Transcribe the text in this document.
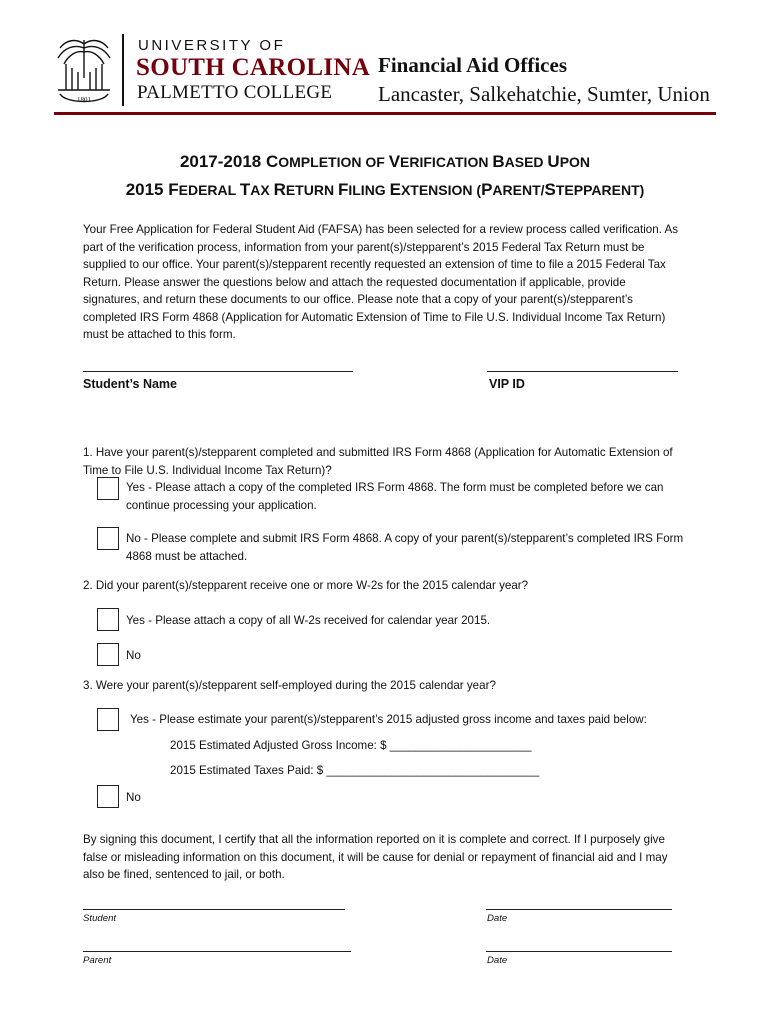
1801
UNIVERSITY OF
SOUTH CAROLINA
PALMETTO COLLEGE
Financial Aid Offices
Lancaster, Salkehatchie, Sumter, Union
2017-2018 COMPLETION OF VERIFICATION BASED UPON
2015 FEDERAL TAX RETURN FILING EXTENSION (PARENT/STEPPARENT)
Your Free Application for Federal Student Aid (FAFSA) has been selected for a review process called verification. As
part of the verification process, information from your parent(s)/stepparent’s 2015 Federal Tax Return must be
supplied to our office. Your parent(s)/stepparent recently requested an extension of time to file a 2015 Federal Tax
Return. Please answer the questions below and attach the requested documentation if applicable, provide
signatures, and return these documents to our office. Please note that a copy of your parent(s)/stepparent’s
completed IRS Form 4868 (Application for Automatic Extension of Time to File U.S. Individual Income Tax Return)
must be attached to this form.
Student’s Name	VIP ID
1. Have your parent(s)/stepparent completed and submitted IRS Form 4868 (Application for Automatic Extension of
Time to File U.S. Individual Income Tax Return)?
Yes - Please attach a copy of the completed IRS Form 4868. The form must be completed before we can
continue processing your application.
No - Please complete and submit IRS Form 4868. A copy of your parent(s)/stepparent’s completed IRS Form
4868 must be attached.
2. Did your parent(s)/stepparent receive one or more W-2s for the 2015 calendar year?
Yes - Please attach a copy of all W-2s received for calendar year 2015.
No
3. Were your parent(s)/stepparent self-employed during the 2015 calendar year?
Yes - Please estimate your parent(s)/stepparent’s 2015 adjusted gross income and taxes paid below:
2015 Estimated Adjusted Gross Income: $ ______________________
2015 Estimated Taxes Paid: $ _________________________________
No
By signing this document, I certify that all the information reported on it is complete and correct. If I purposely give
false or misleading information on this document, it will be cause for denial or repayment of financial aid and I may
also be fined, sentenced to jail, or both.
Student	Date
Parent	Date
